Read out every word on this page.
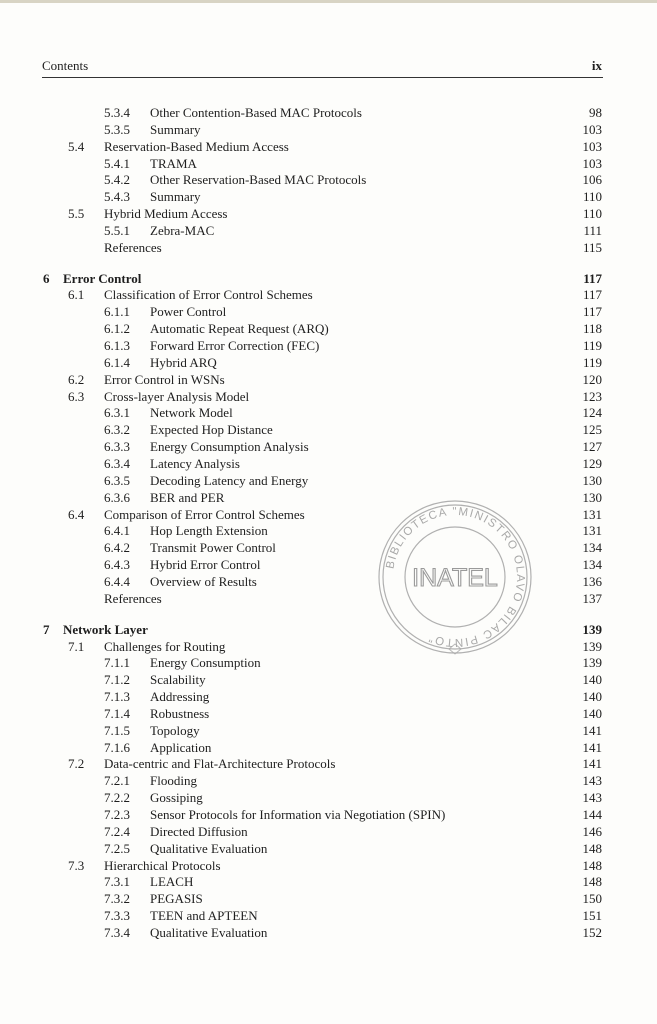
Contents	ix
5.3.4 Other Contention-Based MAC Protocols	98
5.3.5 Summary	103
5.4 Reservation-Based Medium Access	103
5.4.1 TRAMA	103
5.4.2 Other Reservation-Based MAC Protocols	106
5.4.3 Summary	110
5.5 Hybrid Medium Access	110
5.5.1 Zebra-MAC	111
References	115
6 Error Control	117
6.1 Classification of Error Control Schemes	117
6.1.1 Power Control	117
6.1.2 Automatic Repeat Request (ARQ)	118
6.1.3 Forward Error Correction (FEC)	119
6.1.4 Hybrid ARQ	119
6.2 Error Control in WSNs	120
6.3 Cross-layer Analysis Model	123
6.3.1 Network Model	124
6.3.2 Expected Hop Distance	125
6.3.3 Energy Consumption Analysis	127
6.3.4 Latency Analysis	129
6.3.5 Decoding Latency and Energy	130
6.3.6 BER and PER	130
6.4 Comparison of Error Control Schemes	131
6.4.1 Hop Length Extension	131
6.4.2 Transmit Power Control	134
6.4.3 Hybrid Error Control	134
6.4.4 Overview of Results	136
References	137
7 Network Layer	139
7.1 Challenges for Routing	139
7.1.1 Energy Consumption	139
7.1.2 Scalability	140
7.1.3 Addressing	140
7.1.4 Robustness	140
7.1.5 Topology	141
7.1.6 Application	141
7.2 Data-centric and Flat-Architecture Protocols	141
7.2.1 Flooding	143
7.2.2 Gossiping	143
7.2.3 Sensor Protocols for Information via Negotiation (SPIN)	144
7.2.4 Directed Diffusion	146
7.2.5 Qualitative Evaluation	148
7.3 Hierarchical Protocols	148
7.3.1 LEACH	148
7.3.2 PEGASIS	150
7.3.3 TEEN and APTEEN	151
7.3.4 Qualitative Evaluation	152
BIBLIOTECA "MINISTRO OLAVO BILAC PINTO"
INATEL
